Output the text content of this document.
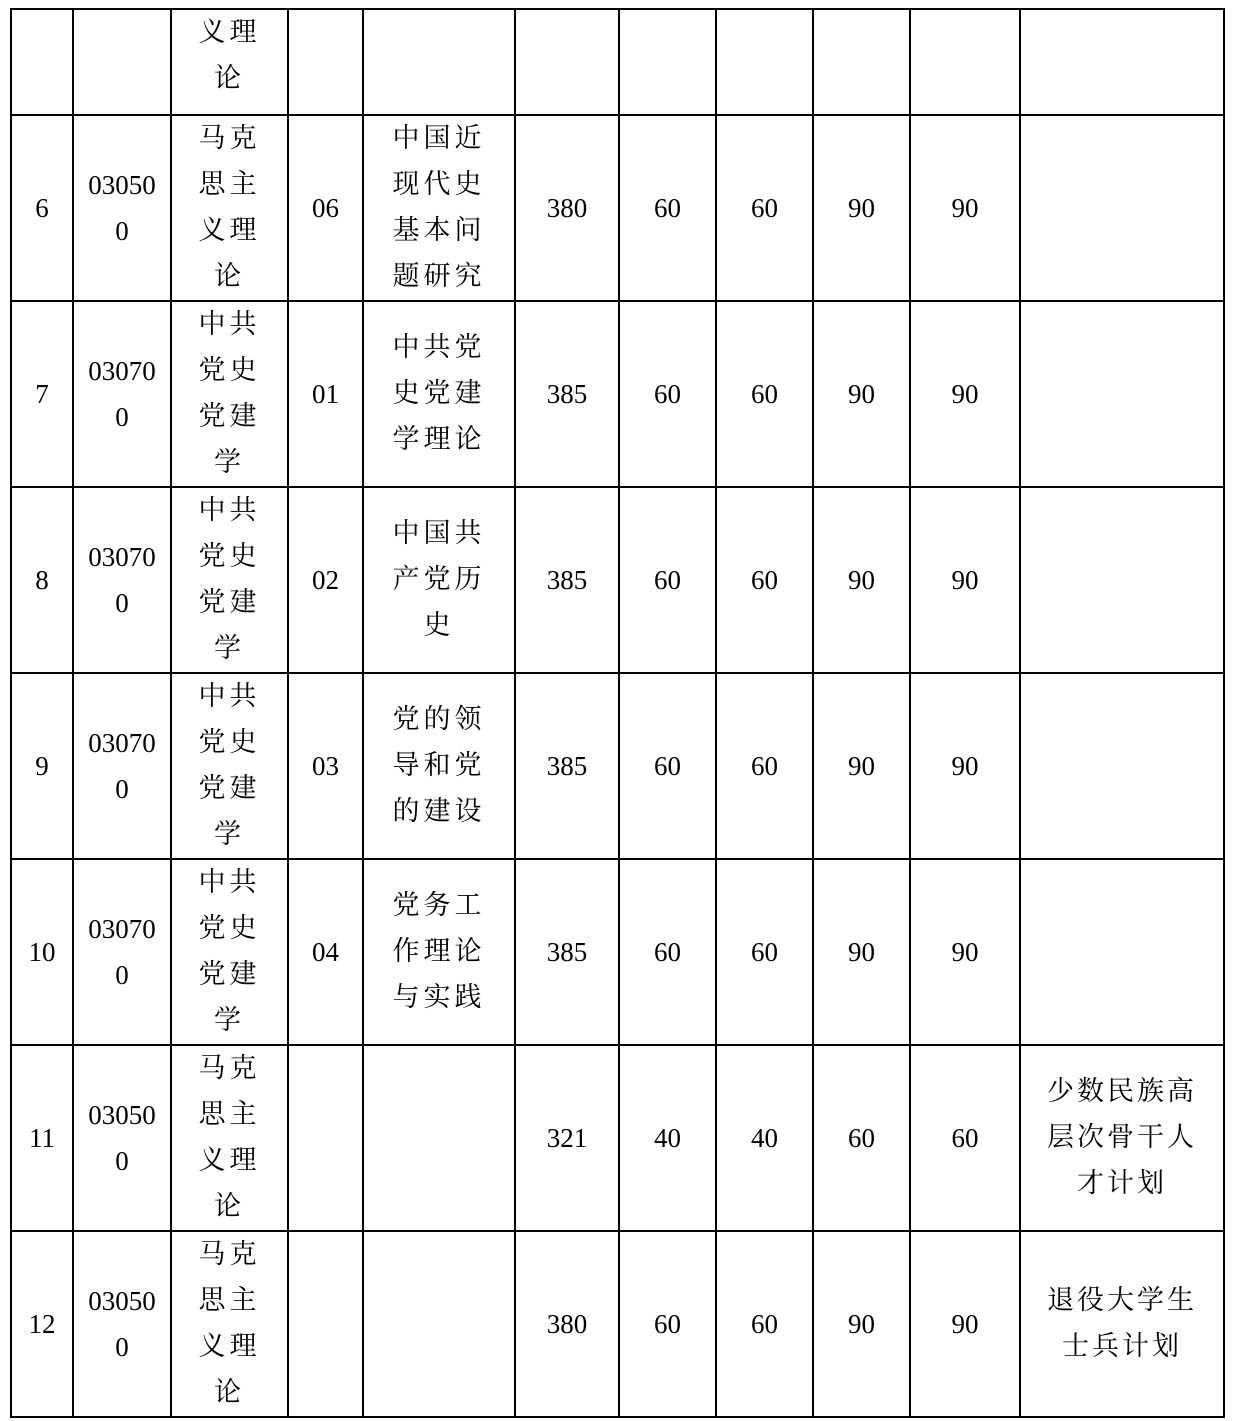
		义理论								

6	030500	马克思主义理论	06	中国近现代史基本问题研究	380	60	60	90	90	

7	030700	中共党史党建学	01	中共党史党建学理论	385	60	60	90	90	

8	030700	中共党史党建学	02	中国共产党历史	385	60	60	90	90	

9	030700	中共党史党建学	03	党的领导和党的建设	385	60	60	90	90	

10	030700	中共党史党建学	04	党务工作理论与实践	385	60	60	90	90	

11	030500	马克思主义理论			321	40	40	60	60	少数民族高层次骨干人才计划

12	030500	马克思主义理论			380	60	60	90	90	退役大学生士兵计划
